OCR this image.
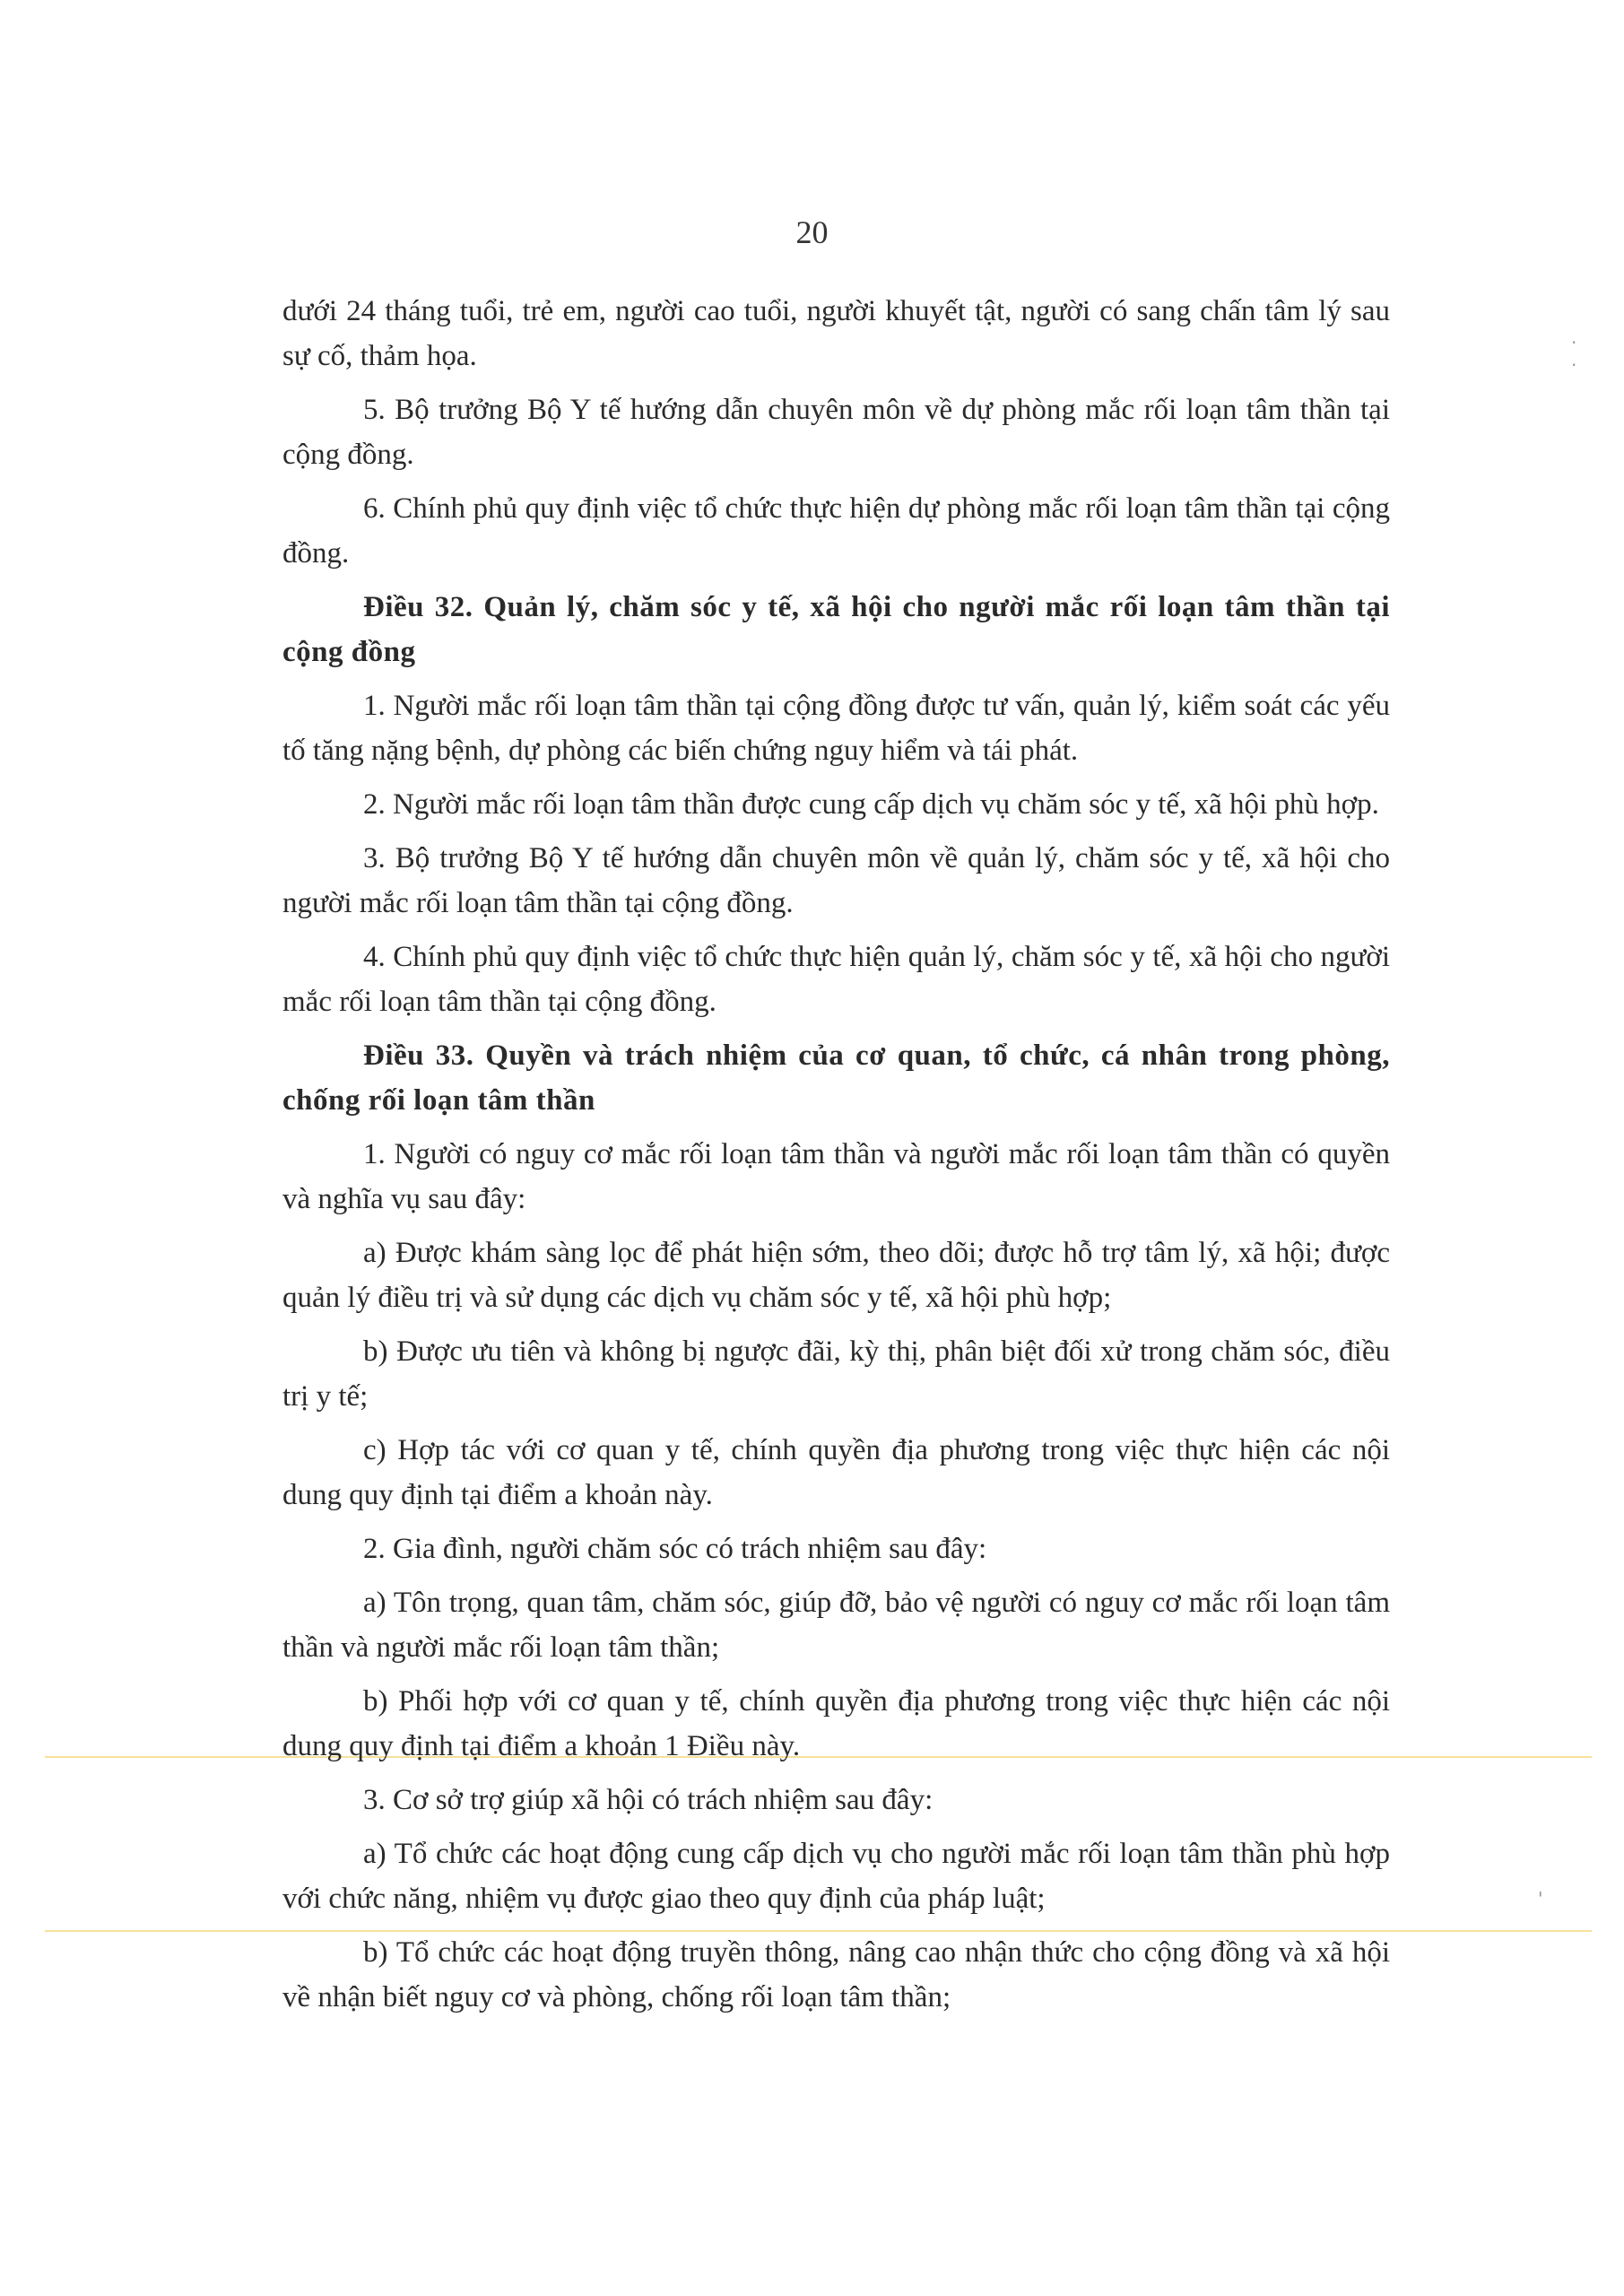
20
·
·
'

dưới 24 tháng tuổi, trẻ em, người cao tuổi, người khuyết tật, người có sang chấn tâm lý sau sự cố, thảm họa.

5. Bộ trưởng Bộ Y tế hướng dẫn chuyên môn về dự phòng mắc rối loạn tâm thần tại cộng đồng.

6. Chính phủ quy định việc tổ chức thực hiện dự phòng mắc rối loạn tâm thần tại cộng đồng.

Điều 32. Quản lý, chăm sóc y tế, xã hội cho người mắc rối loạn tâm thần tại cộng đồng

1. Người mắc rối loạn tâm thần tại cộng đồng được tư vấn, quản lý, kiểm soát các yếu tố tăng nặng bệnh, dự phòng các biến chứng nguy hiểm và tái phát.

2. Người mắc rối loạn tâm thần được cung cấp dịch vụ chăm sóc y tế, xã hội phù hợp.

3. Bộ trưởng Bộ Y tế hướng dẫn chuyên môn về quản lý, chăm sóc y tế, xã hội cho người mắc rối loạn tâm thần tại cộng đồng.

4. Chính phủ quy định việc tổ chức thực hiện quản lý, chăm sóc y tế, xã hội cho người mắc rối loạn tâm thần tại cộng đồng.

Điều 33. Quyền và trách nhiệm của cơ quan, tổ chức, cá nhân trong phòng, chống rối loạn tâm thần

1. Người có nguy cơ mắc rối loạn tâm thần và người mắc rối loạn tâm thần có quyền và nghĩa vụ sau đây:

a) Được khám sàng lọc để phát hiện sớm, theo dõi; được hỗ trợ tâm lý, xã hội; được quản lý điều trị và sử dụng các dịch vụ chăm sóc y tế, xã hội phù hợp;

b) Được ưu tiên và không bị ngược đãi, kỳ thị, phân biệt đối xử trong chăm sóc, điều trị y tế;

c) Hợp tác với cơ quan y tế, chính quyền địa phương trong việc thực hiện các nội dung quy định tại điểm a khoản này.

2. Gia đình, người chăm sóc có trách nhiệm sau đây:

a) Tôn trọng, quan tâm, chăm sóc, giúp đỡ, bảo vệ người có nguy cơ mắc rối loạn tâm thần và người mắc rối loạn tâm thần;

b) Phối hợp với cơ quan y tế, chính quyền địa phương trong việc thực hiện các nội dung quy định tại điểm a khoản 1 Điều này.

3. Cơ sở trợ giúp xã hội có trách nhiệm sau đây:

a) Tổ chức các hoạt động cung cấp dịch vụ cho người mắc rối loạn tâm thần phù hợp với chức năng, nhiệm vụ được giao theo quy định của pháp luật;

b) Tổ chức các hoạt động truyền thông, nâng cao nhận thức cho cộng đồng và xã hội về nhận biết nguy cơ và phòng, chống rối loạn tâm thần;
